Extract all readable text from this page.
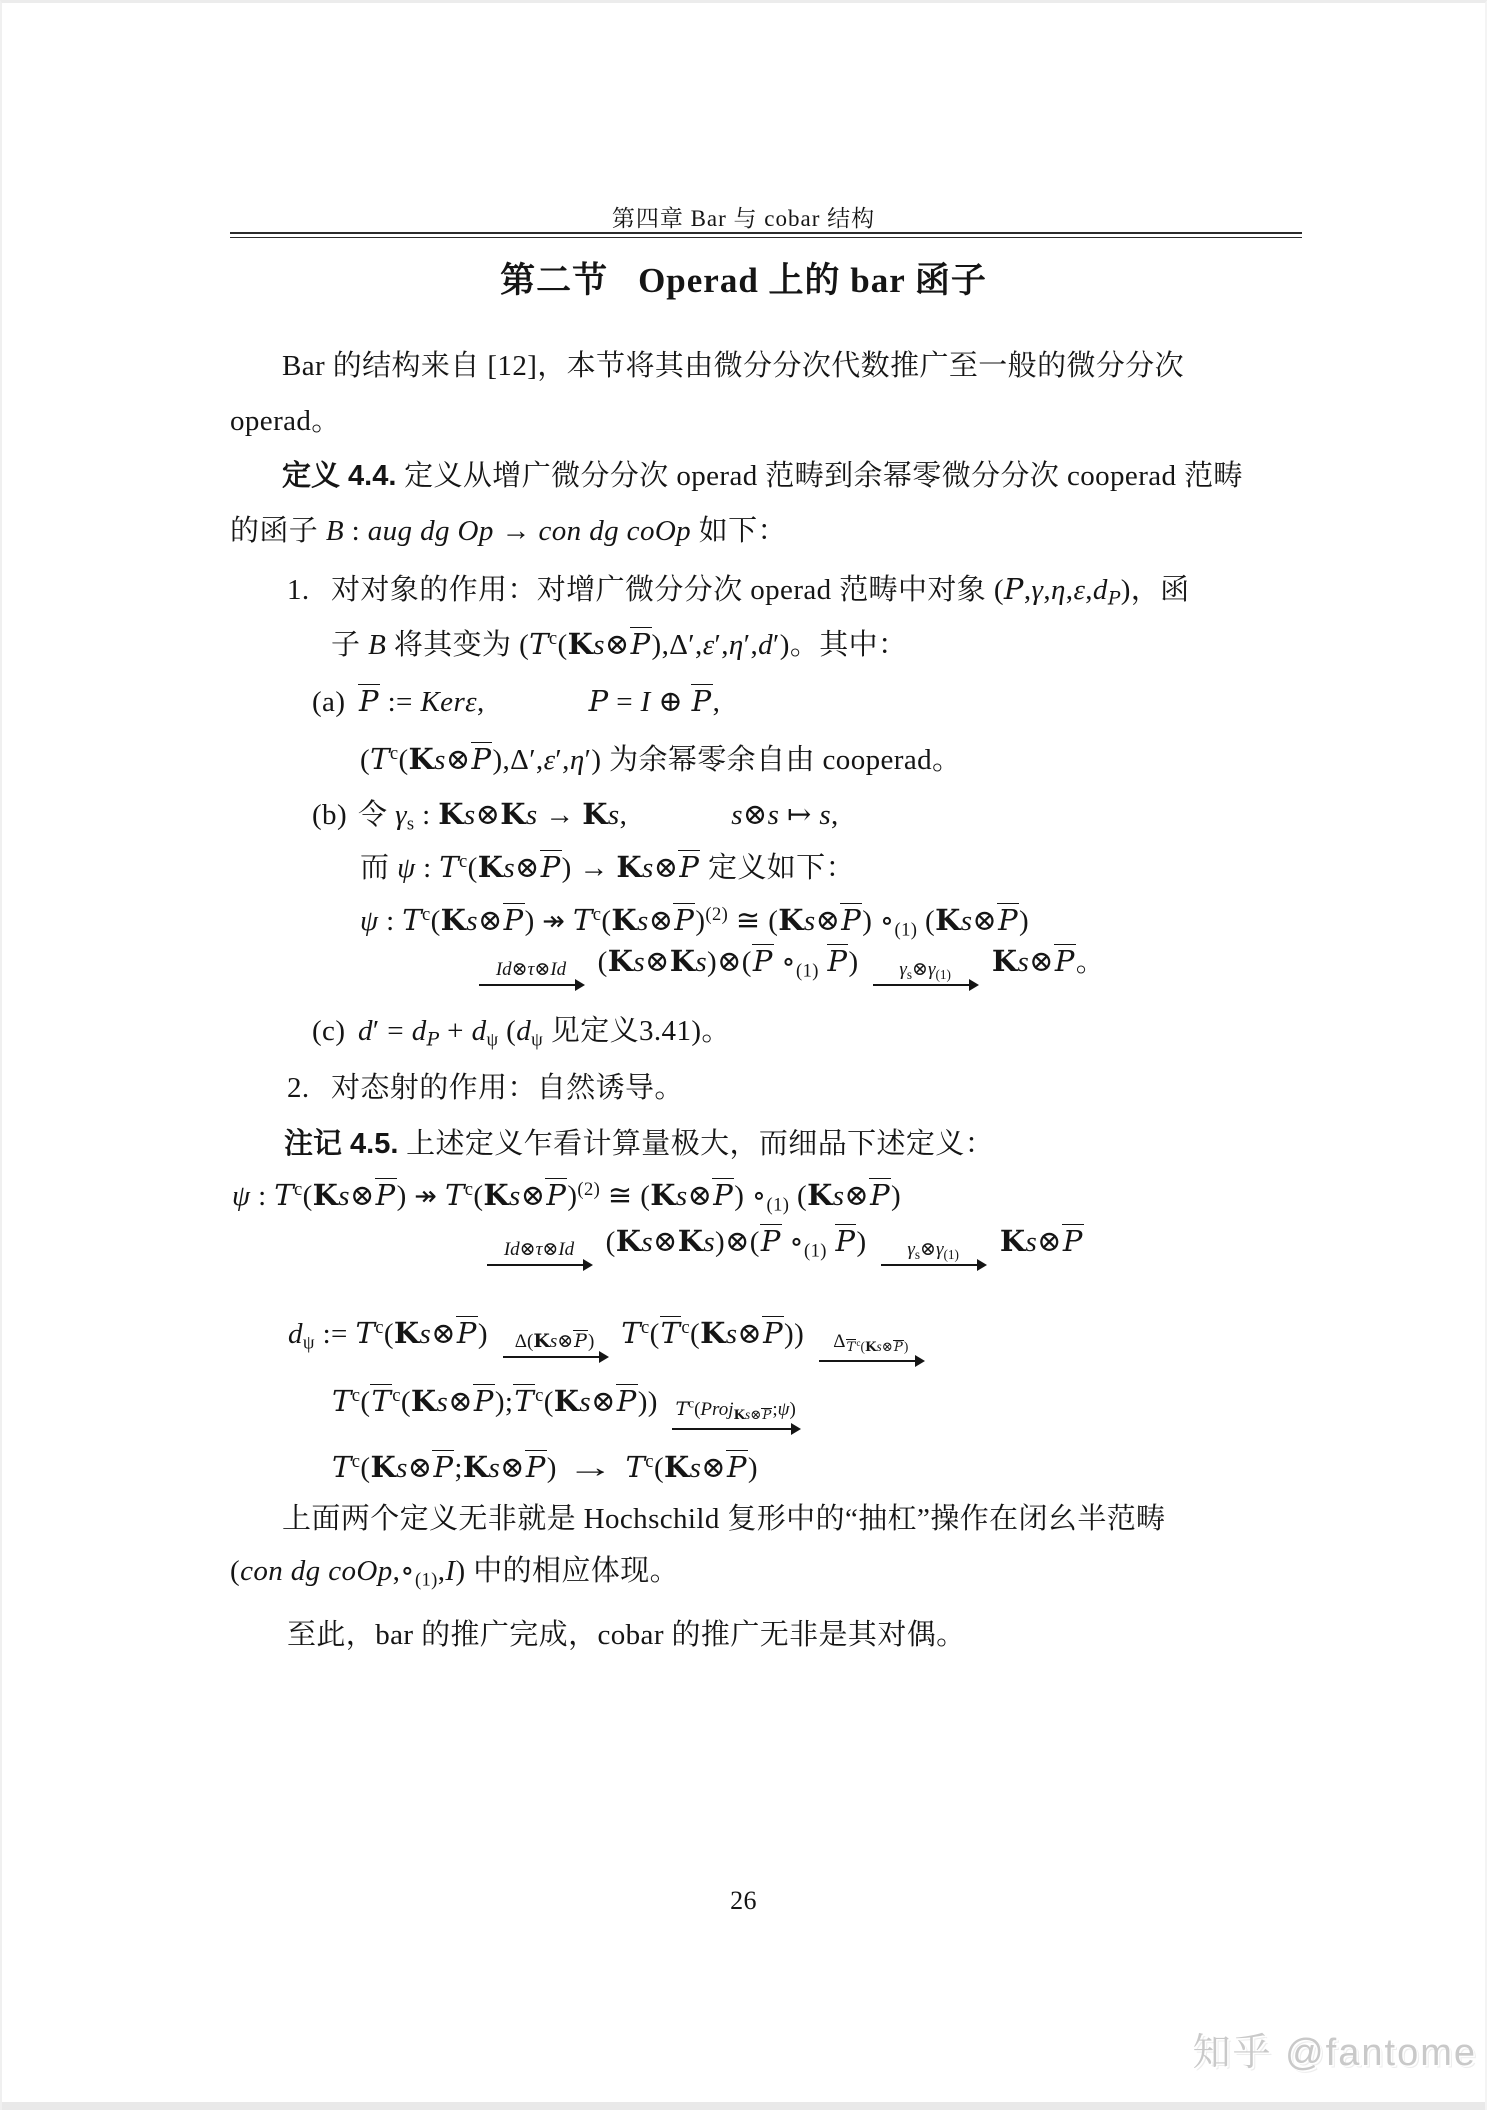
第四章 Bar 与 cobar 结构
第二节 Operad 上的 bar 函子
Bar 的结构来自 [12]，本节将其由微分分次代数推广至一般的微分分次
operad。
定义 4.4. 定义从增广微分分次 operad 范畴到余幂零微分分次 cooperad 范畴
的函子 B : aug dg Op → con dg coOp 如下：
1. 对对象的作用：对增广微分分次 operad 范畴中对象 $(P,\gamma,\eta,\varepsilon,d_P)$，函
子 B 将其变为 $(T^c(Ks\otimes P),\Delta',\varepsilon',\eta',d')$。其中：
(a) P := Kerε,	P = I ⊕ P,
$(T^c(Ks\otimes P),\Delta',\varepsilon',\eta')$ 为余幂零余自由 cooperad。
(b) 令 $\gamma_s$ : Ks⊗Ks → Ks,	s⊗s ↦ s,
而 ψ : $T^c(Ks\otimes P)$ → Ks⊗P 定义如下：
ψ : $T^c(Ks\otimes P)$ ↠ $T^c(Ks\otimes P)^{(2)}$ ≅ (Ks⊗P) $\circ_{(1)}$ (Ks⊗P)
Id⊗τ⊗Id (Ks⊗Ks)⊗(P $\circ_{(1)}$ P) $\gamma_s\otimes\gamma_{(1)}$ Ks⊗P。
(c) $d' = d_P + d_\psi$ ($d_\psi$ 见定义3.41)。
2. 对态射的作用：自然诱导。
注记 4.5. 上述定义乍看计算量极大，而细品下述定义：
ψ : $T^c(Ks\otimes P)$ ↠ $T^c(Ks\otimes P)^{(2)}$ ≅ (Ks⊗P) $\circ_{(1)}$ (Ks⊗P)
Id⊗τ⊗Id (Ks⊗Ks)⊗(P $\circ_{(1)}$ P) $\gamma_s\otimes\gamma_{(1)}$ Ks⊗P
$d_\psi$ := $T^c(Ks\otimes P)$ Δ(Ks⊗P) $T^c(T^c(Ks\otimes P))$ $\Delta_{T^c(Ks\otimes P)}$
$T^c(T^c(Ks\otimes P);T^c(Ks\otimes P))$ $T^c(Proj_{Ks\otimes P};\psi)$
$T^c(Ks\otimes P;Ks\otimes P)$ → $T^c(Ks\otimes P)$
上面两个定义无非就是 Hochschild 复形中的“抽杠”操作在闭幺半范畴
(con dg $coOp,\circ_{(1)},I$) 中的相应体现。
至此，bar 的推广完成，cobar 的推广无非是其对偶。
26
知乎 @fantome
